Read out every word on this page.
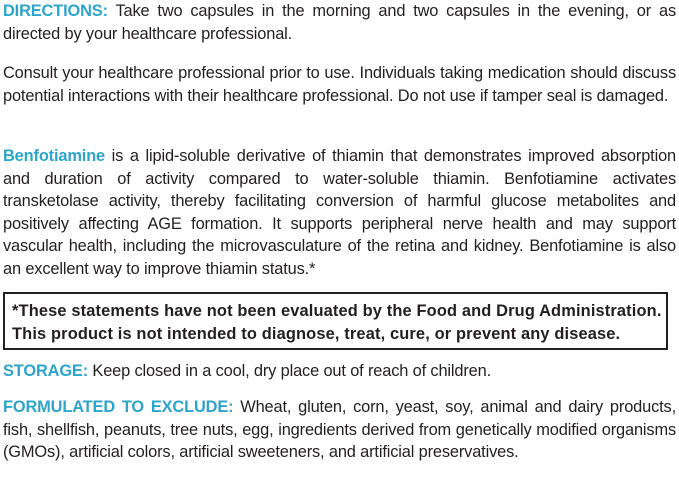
DIRECTIONS: Take two capsules in the morning and two capsules in the evening, or as directed by your healthcare professional.

Consult your healthcare professional prior to use. Individuals taking medication should discuss potential interactions with their healthcare professional. Do not use if tamper seal is damaged.

Benfotiamine is a lipid-soluble derivative of thiamin that demonstrates improved absorption and duration of activity compared to water-soluble thiamin. Benfotiamine activates transketolase activity, thereby facilitating conversion of harmful glucose metabolites and positively affecting AGE formation. It supports peripheral nerve health and may support vascular health, including the microvasculature of the retina and kidney. Benfotiamine is also an excellent way to improve thiamin status.*

*These statements have not been evaluated by the Food and Drug Administration.
This product is not intended to diagnose, treat, cure, or prevent any disease.

STORAGE: Keep closed in a cool, dry place out of reach of children.

FORMULATED TO EXCLUDE: Wheat, gluten, corn, yeast, soy, animal and dairy products, fish, shellfish, peanuts, tree nuts, egg, ingredients derived from genetically modified organisms (GMOs), artificial colors, artificial sweeteners, and artificial preservatives.
